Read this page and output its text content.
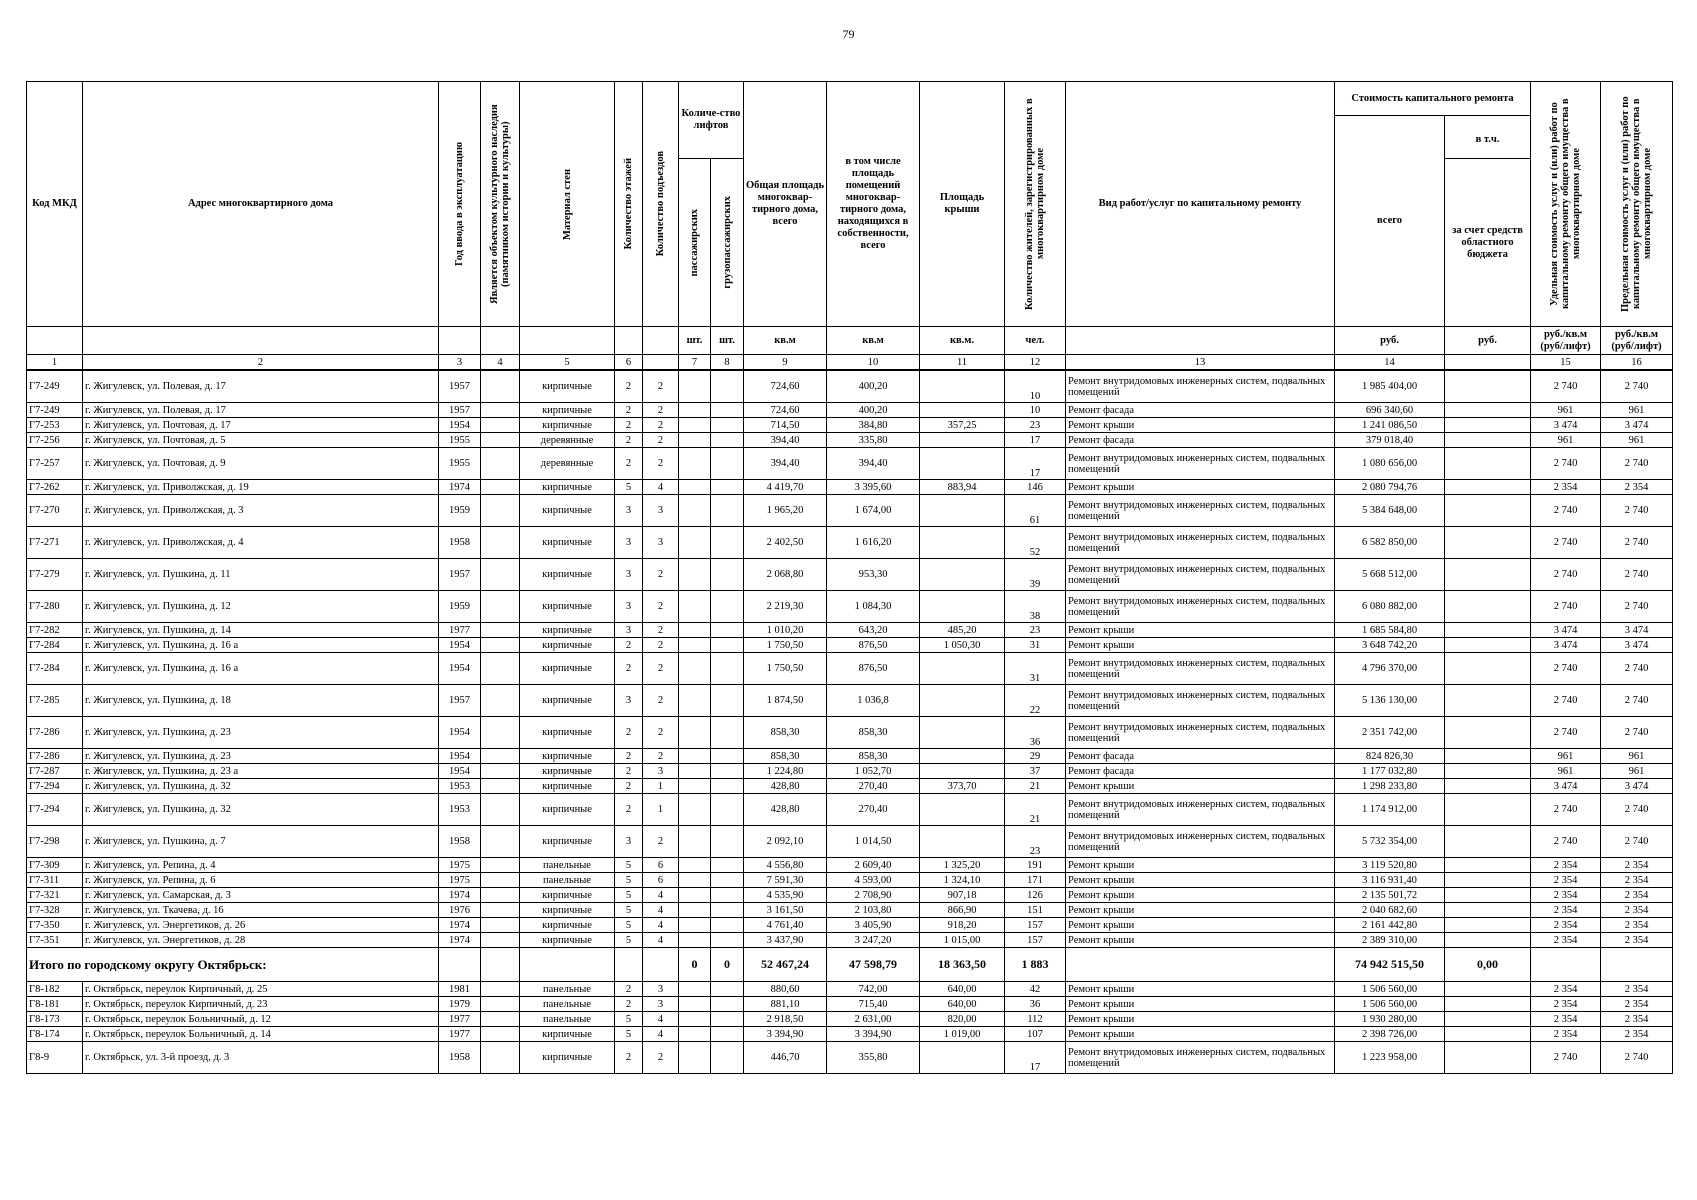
79
Код МКД	Адрес многоквартирного дома	Год ввода в эксплуатацию	Является объектом культурного наследия (памятником истории и культуры)	Материал стен	Количество этажей	Количество подъездов	Количе-ство лифтов		Общая площадь многоквар-тирного дома, всего	в том числе площадь помещений многоквар-тирного дома, находящихся в собственности, всего	Площадь крыши	Количество жителей, зарегистрированных в многоквартирном доме	Вид работ/услуг по капитальному ремонту	Стоимость капитального ремонта		Удельная стоимость услуг и (или) работ по капитальному ремонту общего имущества в многоквартирном доме	Предельная стоимость услуг и (или) работ по капитальному ремонту общего имущества в многоквартирном доме

														всего	в т.ч.		

							пассажирских	грузопассажирских							за счет средств областного бюджета		
							шт.	шт.	кв.м	кв.м	кв.м.	чел.		руб.	руб.	руб./кв.м (руб/лифт)	руб./кв.м (руб/лифт)
1	2	3	4	5	6		7	8	9	10	11	12	13	14		15	16
Г7-249	г. Жигулевск, ул. Полевая, д. 17	1957		кирпичные	2	2			724,60	400,20		10	Ремонт внутридомовых инженерных систем, подвальных помещений	1 985 404,00		2 740	2 740
Г7-249	г. Жигулевск, ул. Полевая, д. 17	1957		кирпичные	2	2			724,60	400,20		10	Ремонт фасада	696 340,60		961	961
Г7-253	г. Жигулевск, ул. Почтовая, д. 17	1954		кирпичные	2	2			714,50	384,80	357,25	23	Ремонт крыши	1 241 086,50		3 474	3 474
Г7-256	г. Жигулевск, ул. Почтовая, д. 5	1955		деревянные	2	2			394,40	335,80		17	Ремонт фасада	379 018,40		961	961
Г7-257	г. Жигулевск, ул. Почтовая, д. 9	1955		деревянные	2	2			394,40	394,40		17	Ремонт внутридомовых инженерных систем, подвальных помещений	1 080 656,00		2 740	2 740
Г7-262	г. Жигулевск, ул. Приволжская, д. 19	1974		кирпичные	5	4			4 419,70	3 395,60	883,94	146	Ремонт крыши	2 080 794,76		2 354	2 354
Г7-270	г. Жигулевск, ул. Приволжская, д. 3	1959		кирпичные	3	3			1 965,20	1 674,00		61	Ремонт внутридомовых инженерных систем, подвальных помещений	5 384 648,00		2 740	2 740
Г7-271	г. Жигулевск, ул. Приволжская, д. 4	1958		кирпичные	3	3			2 402,50	1 616,20		52	Ремонт внутридомовых инженерных систем, подвальных помещений	6 582 850,00		2 740	2 740
Г7-279	г. Жигулевск, ул. Пушкина, д. 11	1957		кирпичные	3	2			2 068,80	953,30		39	Ремонт внутридомовых инженерных систем, подвальных помещений	5 668 512,00		2 740	2 740
Г7-280	г. Жигулевск, ул. Пушкина, д. 12	1959		кирпичные	3	2			2 219,30	1 084,30		38	Ремонт внутридомовых инженерных систем, подвальных помещений	6 080 882,00		2 740	2 740
Г7-282	г. Жигулевск, ул. Пушкина, д. 14	1977		кирпичные	3	2			1 010,20	643,20	485,20	23	Ремонт крыши	1 685 584,80		3 474	3 474
Г7-284	г. Жигулевск, ул. Пушкина, д. 16 а	1954		кирпичные	2	2			1 750,50	876,50	1 050,30	31	Ремонт крыши	3 648 742,20		3 474	3 474
Г7-284	г. Жигулевск, ул. Пушкина, д. 16 а	1954		кирпичные	2	2			1 750,50	876,50		31	Ремонт внутридомовых инженерных систем, подвальных помещений	4 796 370,00		2 740	2 740
Г7-285	г. Жигулевск, ул. Пушкина, д. 18	1957		кирпичные	3	2			1 874,50	1 036,8		22	Ремонт внутридомовых инженерных систем, подвальных помещений	5 136 130,00		2 740	2 740
Г7-286	г. Жигулевск, ул. Пушкина, д. 23	1954		кирпичные	2	2			858,30	858,30		36	Ремонт внутридомовых инженерных систем, подвальных помещений	2 351 742,00		2 740	2 740
Г7-286	г. Жигулевск, ул. Пушкина, д. 23	1954		кирпичные	2	2			858,30	858,30		29	Ремонт фасада	824 826,30		961	961
Г7-287	г. Жигулевск, ул. Пушкина, д. 23 а	1954		кирпичные	2	3			1 224,80	1 052,70		37	Ремонт фасада	1 177 032,80		961	961
Г7-294	г. Жигулевск, ул. Пушкина, д. 32	1953		кирпичные	2	1			428,80	270,40	373,70	21	Ремонт крыши	1 298 233,80		3 474	3 474
Г7-294	г. Жигулевск, ул. Пушкина, д. 32	1953		кирпичные	2	1			428,80	270,40		21	Ремонт внутридомовых инженерных систем, подвальных помещений	1 174 912,00		2 740	2 740
Г7-298	г. Жигулевск, ул. Пушкина, д. 7	1958		кирпичные	3	2			2 092,10	1 014,50		23	Ремонт внутридомовых инженерных систем, подвальных помещений	5 732 354,00		2 740	2 740
Г7-309	г. Жигулевск, ул. Репина, д. 4	1975		панельные	5	6			4 556,80	2 609,40	1 325,20	191	Ремонт крыши	3 119 520,80		2 354	2 354
Г7-311	г. Жигулевск, ул. Репина, д. 6	1975		панельные	5	6			7 591,30	4 593,00	1 324,10	171	Ремонт крыши	3 116 931,40		2 354	2 354
Г7-321	г. Жигулевск, ул. Самарская, д. 3	1974		кирпичные	5	4			4 535,90	2 708,90	907,18	126	Ремонт крыши	2 135 501,72		2 354	2 354
Г7-328	г. Жигулевск, ул. Ткачева, д. 16	1976		кирпичные	5	4			3 161,50	2 103,80	866,90	151	Ремонт крыши	2 040 682,60		2 354	2 354
Г7-350	г. Жигулевск, ул. Энергетиков, д. 26	1974		кирпичные	5	4			4 761,40	3 405,90	918,20	157	Ремонт крыши	2 161 442,80		2 354	2 354
Г7-351	г. Жигулевск, ул. Энергетиков, д. 28	1974		кирпичные	5	4			3 437,90	3 247,20	1 015,00	157	Ремонт крыши	2 389 310,00		2 354	2 354
Итого по городскому округу Октябрьск:							0	0	52 467,24	47 598,79	18 363,50	1 883		74 942 515,50	0,00		
Г8-182	г. Октябрьск, переулок Кирпичный, д. 25	1981		панельные	2	3			880,60	742,00	640,00	42	Ремонт крыши	1 506 560,00		2 354	2 354
Г8-181	г. Октябрьск, переулок Кирпичный, д. 23	1979		панельные	2	3			881,10	715,40	640,00	36	Ремонт крыши	1 506 560,00		2 354	2 354
Г8-173	г. Октябрьск, переулок Больничный, д. 12	1977		панельные	5	4			2 918,50	2 631,00	820,00	112	Ремонт крыши	1 930 280,00		2 354	2 354
Г8-174	г. Октябрьск, переулок Больничный, д. 14	1977		кирпичные	5	4			3 394,90	3 394,90	1 019,00	107	Ремонт крыши	2 398 726,00		2 354	2 354
Г8-9	г. Октябрьск, ул. 3-й проезд, д. 3	1958		кирпичные	2	2			446,70	355,80		17	Ремонт внутридомовых инженерных систем, подвальных помещений	1 223 958,00		2 740	2 740
